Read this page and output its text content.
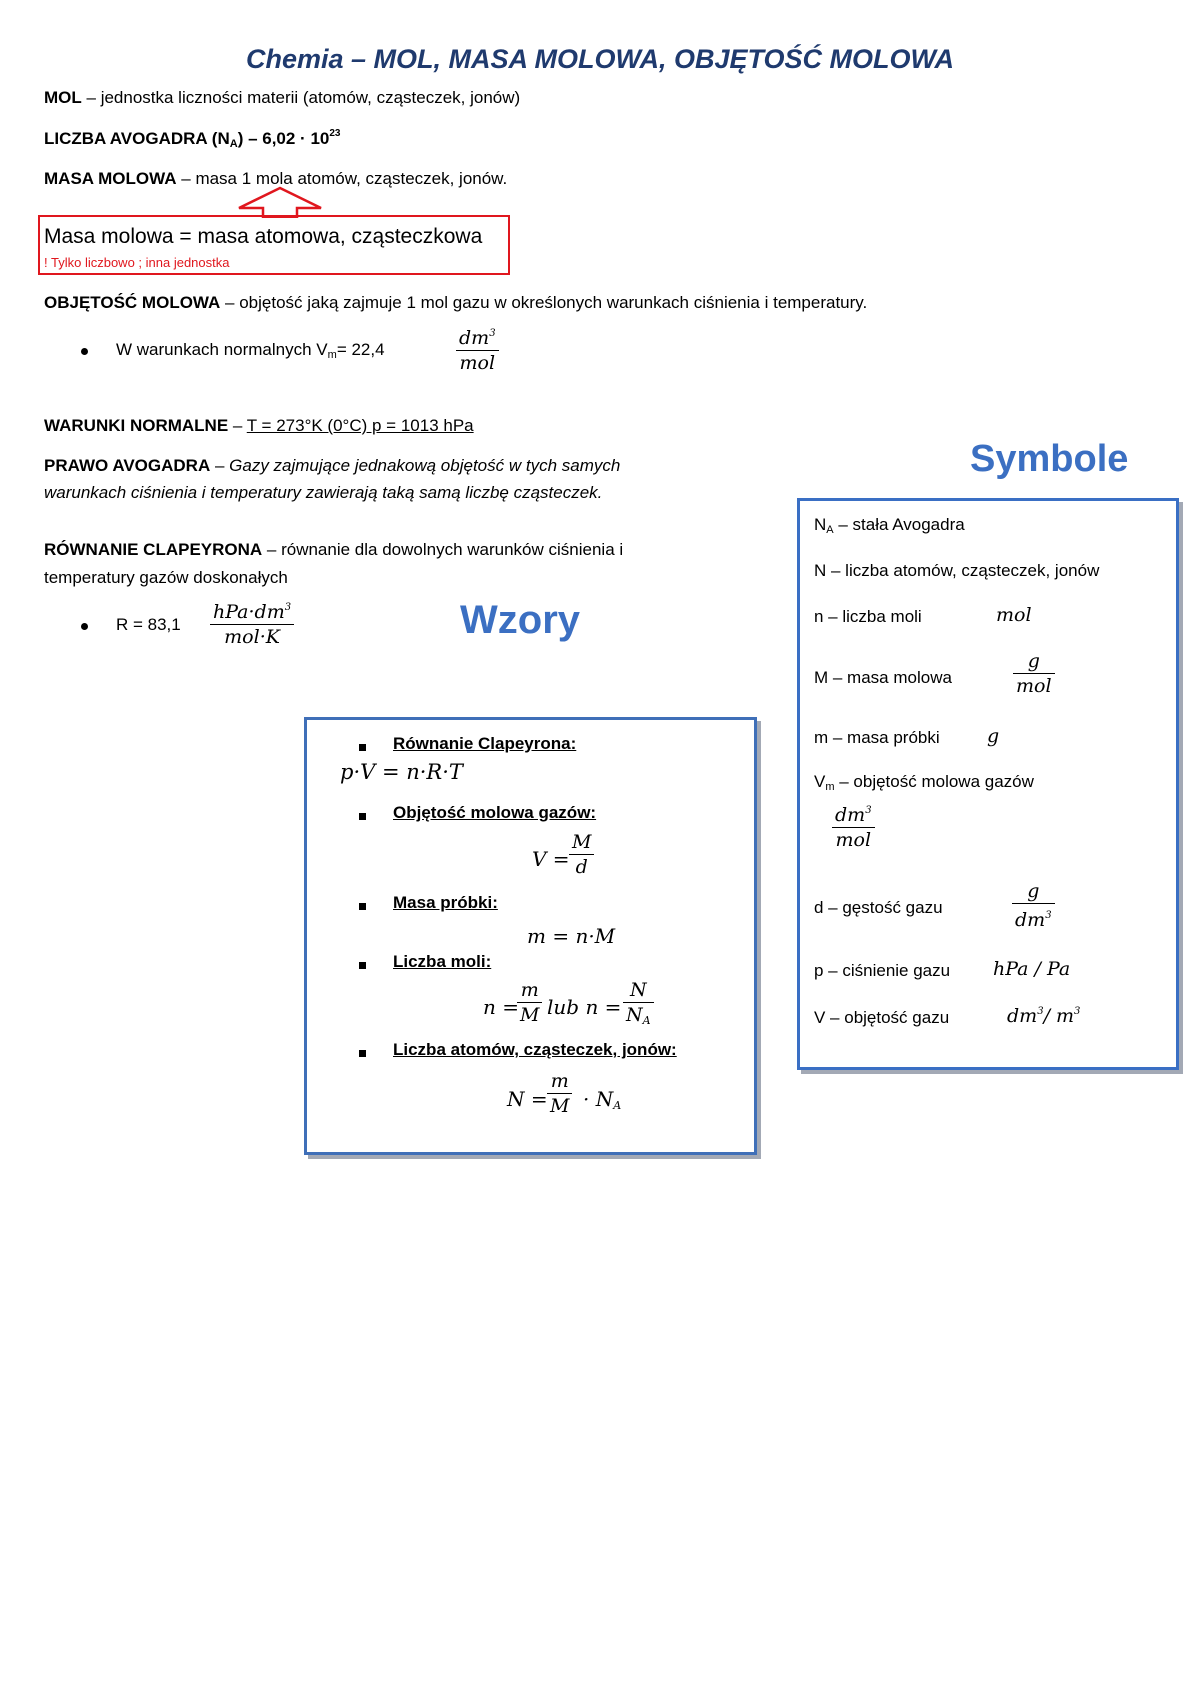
Chemia – MOL, MASA MOLOWA, OBJĘTOŚĆ MOLOWA
MOL – jednostka liczności materii (atomów, cząsteczek, jonów)
LICZBA AVOGADRA $(N_A) - 6,02 \cdot 10^{23}$
MASA MOLOWA – masa 1 mola atomów, cząsteczek, jonów.
Masa molowa = masa atomowa, cząsteczkowa
! Tylko liczbowo ; inna jednostka
OBJĘTOŚĆ MOLOWA – objętość jaką zajmuje 1 mol gazu w określonych warunkach ciśnienia i temperatury.
W warunkach normalnych $V_m= 22,4$
$dm^3$
mol
WARUNKI NORMALNE – T = 273°K (0°C) p = 1013 hPa
PRAWO AVOGADRA – Gazy zajmujące jednakową objętość w tych samych
warunkach ciśnienia i temperatury zawierają taką samą liczbę cząsteczek.
Symbole
RÓWNANIE CLAPEYRONA – równanie dla dowolnych warunków ciśnienia i
temperatury gazów doskonałych
R = 83,1
$hPa\cdot dm^3$
mol·K	Wzory
Równanie Clapeyrona:
p·V = n·R·T
Objętość molowa gazów:
$V = \frac{M}{d}$
Masa próbki:
m = n·M
Liczba moli:
n =
$\frac{m}{M}$ lub $n = \frac{N}{N_A}$
Liczba atomów, cząsteczek, jonów:
$N = \frac{m}{M} \cdot N_A$
$N_A$ – stała Avogadra
N – liczba atomów, cząsteczek, jonów
n – liczba moli	mol
M – masa molowa
g
mol
m – masa próbki g
$V_m$ – objętość molowa gazów
$dm^3$
mol
d – gęstość gazu	$\frac{g}{dm^3}$
p – ciśnienie gazu hPa / Pa
V – objętość gazu	$dm^3/$ $m^3$
